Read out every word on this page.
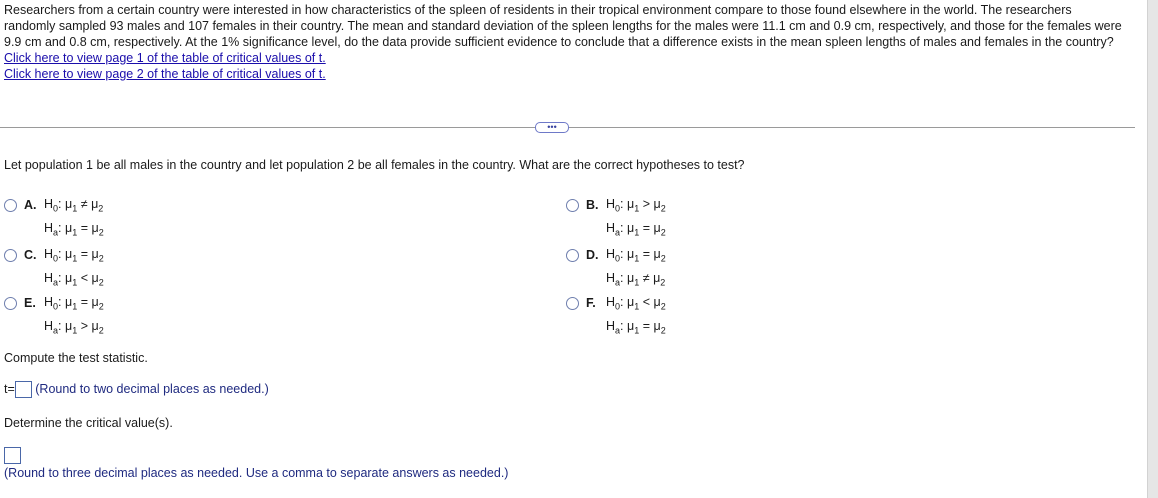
Researchers from a certain country were interested in how characteristics of the spleen of residents in their tropical environment compare to those found elsewhere in the world. The researchers randomly sampled 93 males and 107 females in their country. The mean and standard deviation of the spleen lengths for the males were 11.1 cm and 0.9 cm, respectively, and those for the females were 9.9 cm and 0.8 cm, respectively. At the 1% significance level, do the data provide sufficient evidence to conclude that a difference exists in the mean spleen lengths of males and females in the country?
Click here to view page 1 of the table of critical values of t.
Click here to view page 2 of the table of critical values of t.
•••
Let population 1 be all males in the country and let population 2 be all females in the country. What are the correct hypotheses to test?
A. $H_0$: $\mu_1 \ne \mu_2$
$H_a$: $\mu_1 = \mu_2$
B. $H_0$: $\mu_1 > \mu_2$
$H_a$: $\mu_1 = \mu_2$
C. $H_0$: $\mu_1 = \mu_2$
$H_a$: $\mu_1 < \mu_2$
D. $H_0$: $\mu_1 = \mu_2$
$H_a$: $\mu_1 \ne \mu_2$
E. $H_0$: $\mu_1 = \mu_2$
$H_a$: $\mu_1 > \mu_2$
F. $H_0$: $\mu_1 < \mu_2$
$H_a$: $\mu_1 = \mu_2$
Compute the test statistic.
t= (Round to two decimal places as needed.)
Determine the critical value(s).
(Round to three decimal places as needed. Use a comma to separate answers as needed.)
